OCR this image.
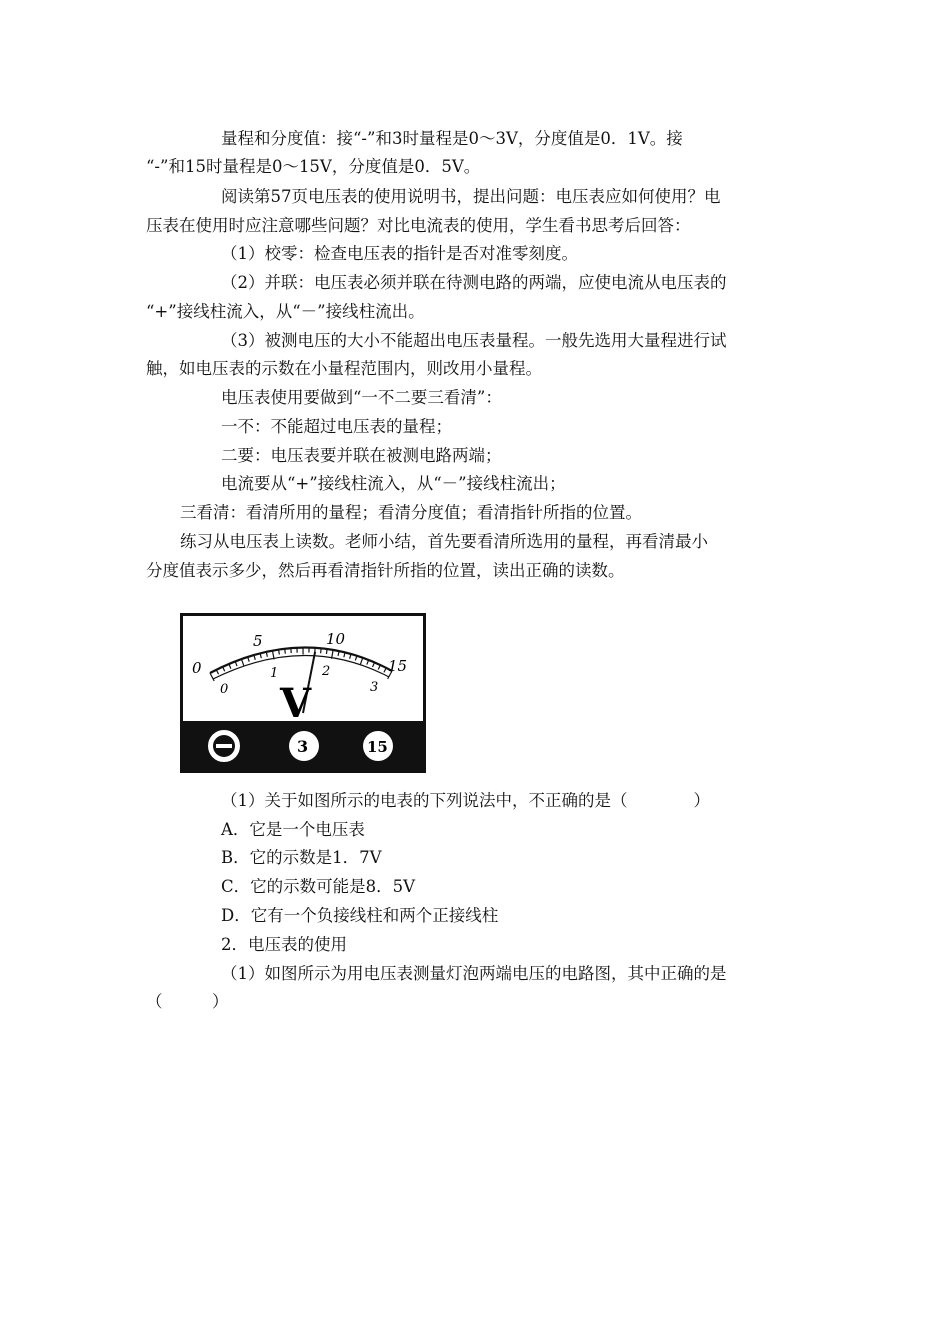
量程和分度值：接“-”和3时量程是0～3V，分度值是0．1V。接
“-”和15时量程是0～15V，分度值是0．5V。
阅读第57页电压表的使用说明书，提出问题：电压表应如何使用？电
压表在使用时应注意哪些问题？对比电流表的使用，学生看书思考后回答：
（1）校零：检查电压表的指针是否对准零刻度。
（2）并联：电压表必须并联在待测电路的两端，应使电流从电压表的
“+”接线柱流入，从“－”接线柱流出。
（3）被测电压的大小不能超出电压表量程。一般先选用大量程进行试
触，如电压表的示数在小量程范围内，则改用小量程。
电压表使用要做到“一不二要三看清”：
一不：不能超过电压表的量程；
二要：电压表要并联在被测电路两端；
电流要从“+”接线柱流入，从“－”接线柱流出；
三看清：看清所用的量程；看清分度值；看清指针所指的位置。
练习从电压表上读数。老师小结，首先要看清所选用的量程，再看清最小
分度值表示多少，然后再看清指针所指的位置，读出正确的读数。
0
5	10
15
0
1	2
3
V
3	15
（1）关于如图所示的电表的下列说法中，不正确的是（　　　　）
A．它是一个电压表
B．它的示数是1．7V
C．它的示数可能是8．5V
D．它有一个负接线柱和两个正接线柱
2．电压表的使用
（1）如图所示为用电压表测量灯泡两端电压的电路图，其中正确的是
（　　　）
